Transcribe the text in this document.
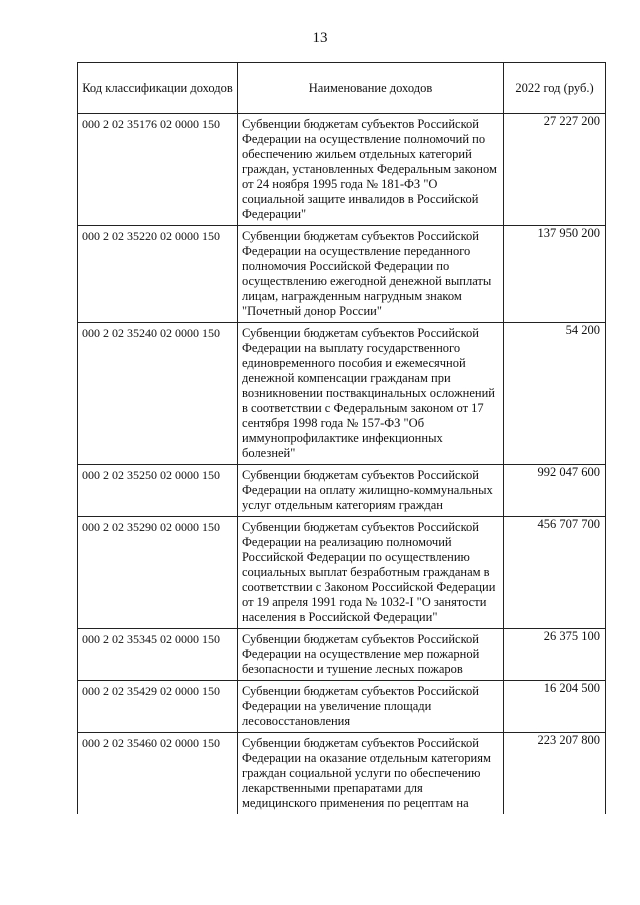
13
Код классификации доходов	Наименование доходов	2022 год (руб.)
000 2 02 35176 02 0000 150	Субвенции бюджетам субъектов Российской Федерации на осуществление полномочий по обеспечению жильем отдельных категорий граждан, установленных Федеральным законом от 24 ноября 1995 года № 181-ФЗ "О социальной защите инвалидов в Российской Федерации"	27 227 200
000 2 02 35220 02 0000 150	Субвенции бюджетам субъектов Российской Федерации на осуществление переданного полномочия Российской Федерации по осуществлению ежегодной денежной выплаты лицам, награжденным нагрудным знаком "Почетный донор России"	137 950 200
000 2 02 35240 02 0000 150	Субвенции бюджетам субъектов Российской Федерации на выплату государственного единовременного пособия и ежемесячной денежной компенсации гражданам при возникновении поствакцинальных осложнений в соответствии с Федеральным законом от 17 сентября 1998 года № 157-ФЗ "Об иммунопрофилактике инфекционных болезней"	54 200
000 2 02 35250 02 0000 150	Субвенции бюджетам субъектов Российской Федерации на оплату жилищно-коммунальных услуг отдельным категориям граждан	992 047 600
000 2 02 35290 02 0000 150	Субвенции бюджетам субъектов Российской Федерации на реализацию полномочий Российской Федерации по осуществлению социальных выплат безработным гражданам в соответствии с Законом Российской Федерации от 19 апреля 1991 года № 1032-I "О занятости населения в Российской Федерации"	456 707 700
000 2 02 35345 02 0000 150	Субвенции бюджетам субъектов Российской Федерации на осуществление мер пожарной безопасности и тушение лесных пожаров	26 375 100
000 2 02 35429 02 0000 150	Субвенции бюджетам субъектов Российской Федерации на увеличение площади лесовосстановления	16 204 500
000 2 02 35460 02 0000 150	Субвенции бюджетам субъектов Российской Федерации на оказание отдельным категориям граждан социальной услуги по обеспечению лекарственными препаратами для медицинского применения по рецептам на	223 207 800
